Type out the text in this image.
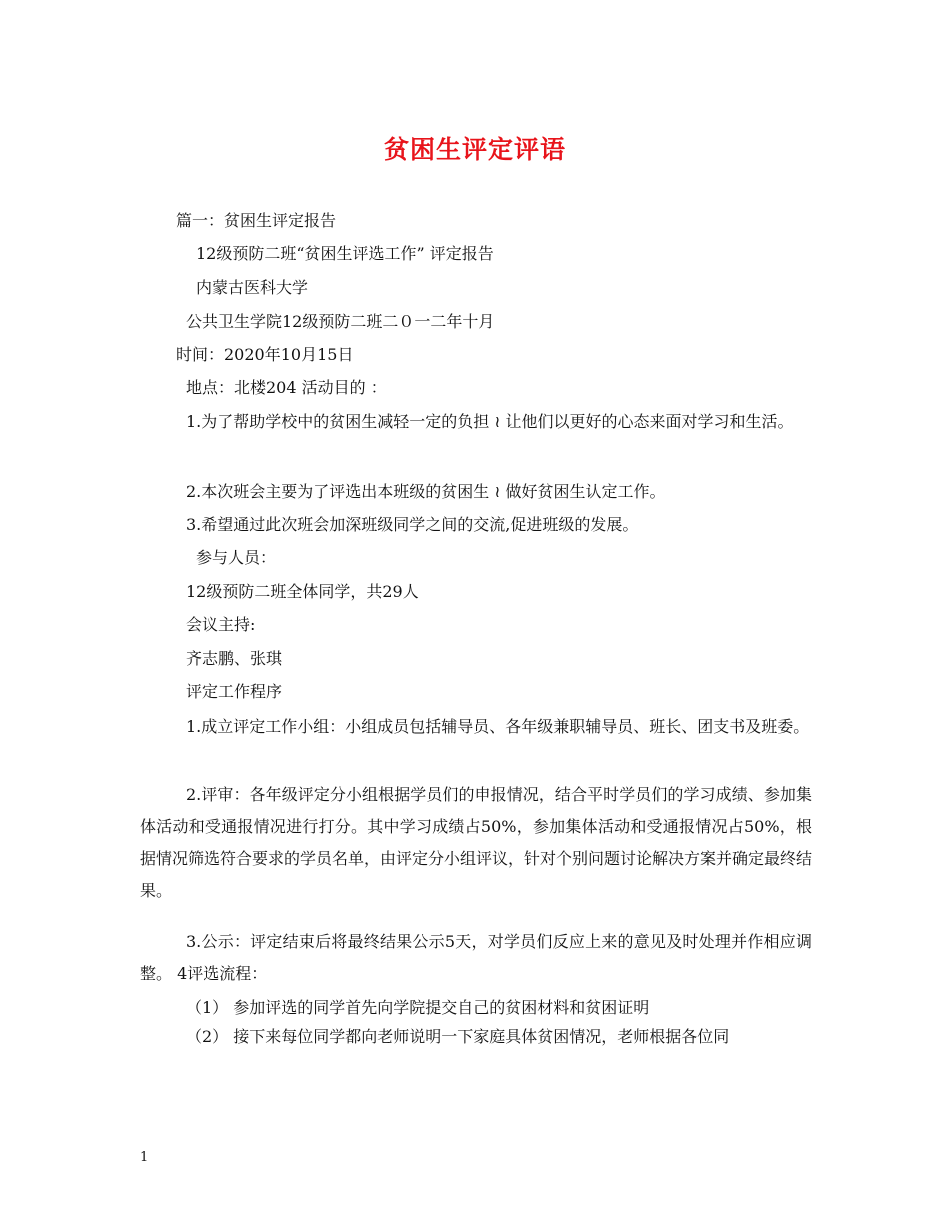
贫困生评定评语
篇一：贫困生评定报告
12级预防二班“贫困生评选工作” 评定报告
内蒙古医科大学
公共卫生学院12级预防二班二０一二年十月
时间：2020年10月15日
地点：北楼204 活动目的 ：
1.为了帮助学校中的贫困生减轻一定的负担 ≀ 让他们以更好的心态来面对学习和生活。
2.本次班会主要为了评选出本班级的贫困生 ≀ 做好贫困生认定工作。
3.希望通过此次班会加深班级同学之间的交流,促进班级的发展。
参与人员：
12级预防二班全体同学，共29人
会议主持:
齐志鹏、张琪
评定工作程序
1.成立评定工作小组：小组成员包括辅导员、各年级兼职辅导员、班长、团支书及班委。
2.评审：各年级评定分小组根据学员们的申报情况，结合平时学员们的学习成绩、参加集体活动和受通报情况进行打分。其中学习成绩占50%，参加集体活动和受通报情况占50%，根据情况筛选符合要求的学员名单，由评定分小组评议，针对个别问题讨论解决方案并确定最终结果。
3.公示：评定结束后将最终结果公示5天，对学员们反应上来的意见及时处理并作相应调整。 4评选流程：
（1） 参加评选的同学首先向学院提交自己的贫困材料和贫困证明
（2） 接下来每位同学都向老师说明一下家庭具体贫困情况，老师根据各位同
1
